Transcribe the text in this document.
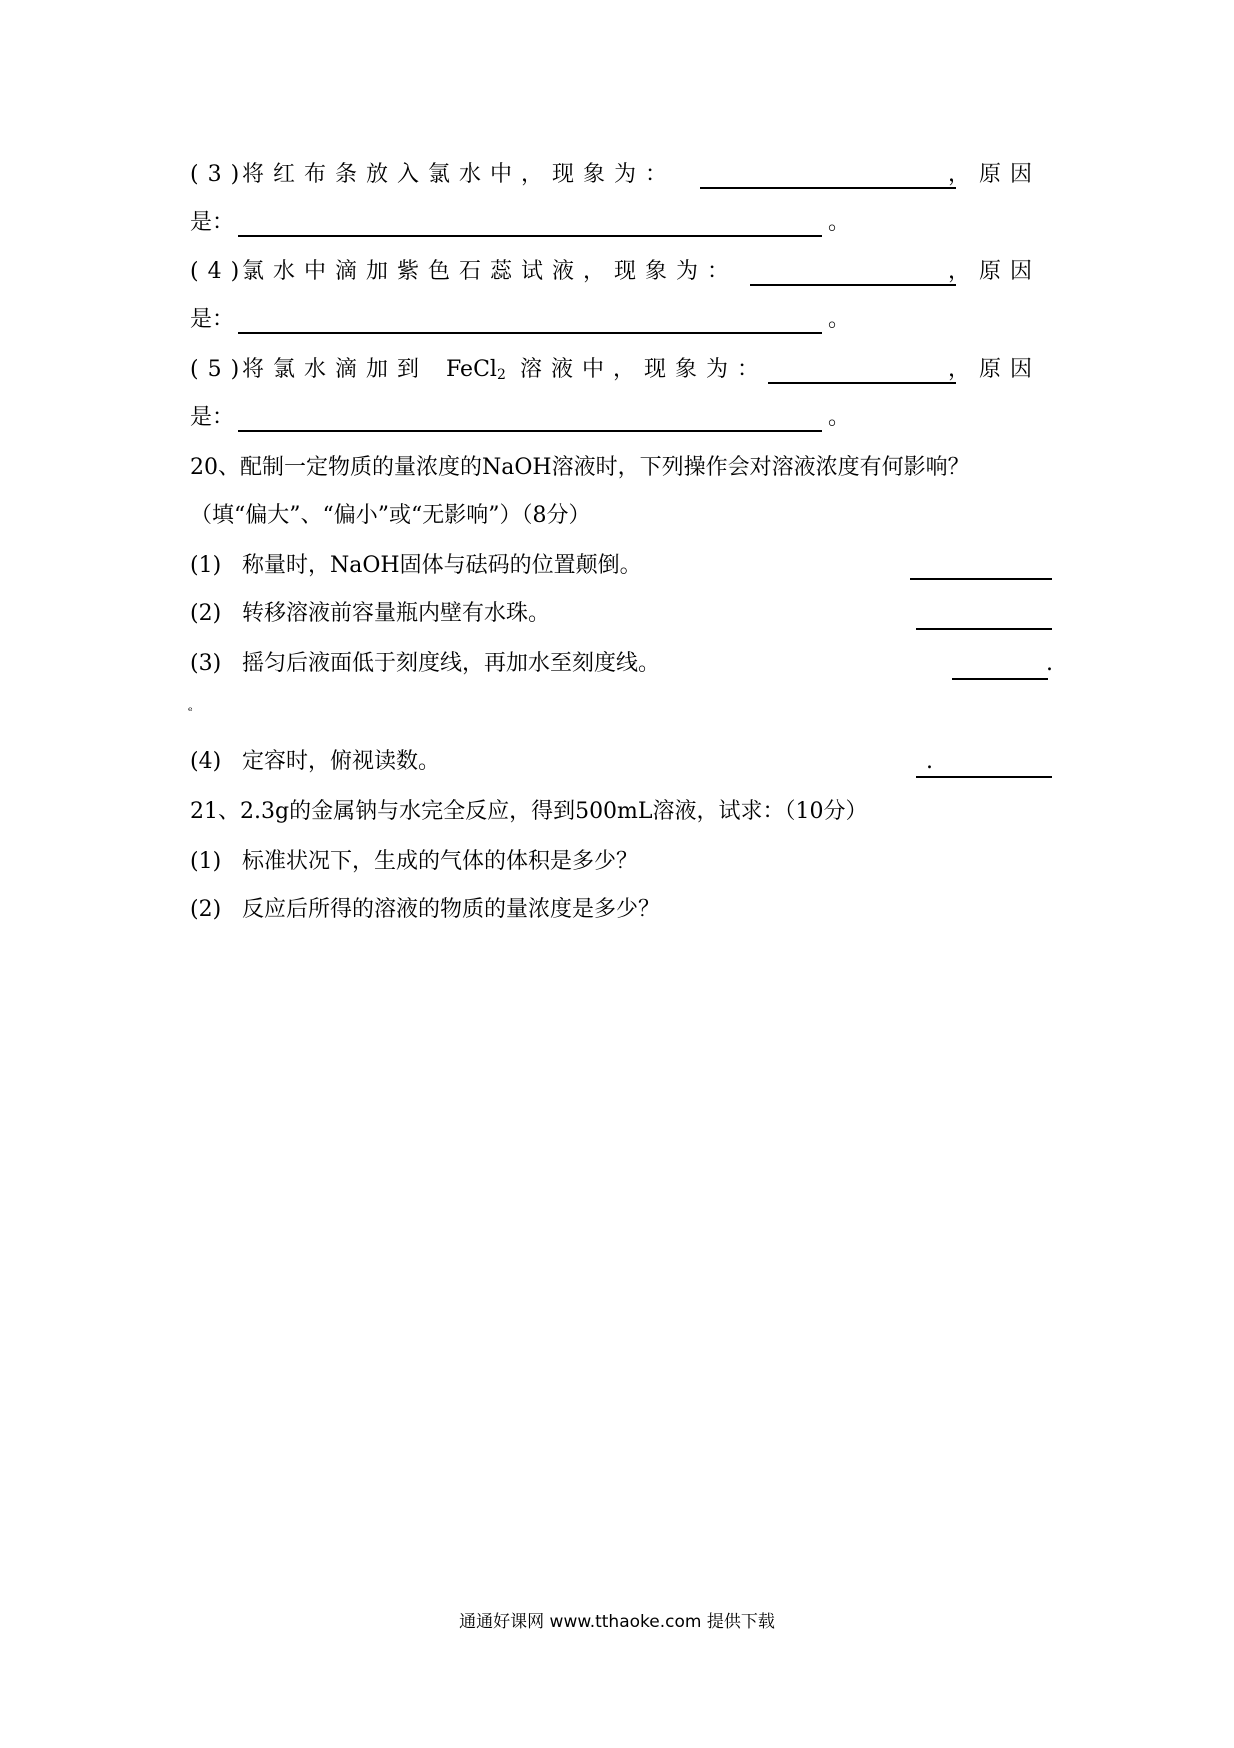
(3)
将红布条放入氯水中，现象为：	，原因
是：	。
(4)
氯水中滴加紫色石蕊试液，现象为：	，原因
是：	。
(5)
将氯水滴加到 FeCl$_2$ 溶液中，现象为：	，原因
是：	。
20、配制一定物质的量浓度的NaOH溶液时，下列操作会对溶液浓度有何影响？
（填“偏大”、“偏小”或“无影响”）（8分）
(1) 称量时，NaOH固体与砝码的位置颠倒。
(2) 转移溶液前容量瓶内壁有水珠。
(3) 摇匀后液面低于刻度线，再加水至刻度线。	.
ₑ
(4) 定容时，俯视读数。	.
21、2.3g的金属钠与水完全反应，得到500mL溶液，试求：（10分）
(1) 标准状况下，生成的气体的体积是多少？
(2) 反应后所得的溶液的物质的量浓度是多少？
通通好课网 www.tthaoke.com 提供下载
